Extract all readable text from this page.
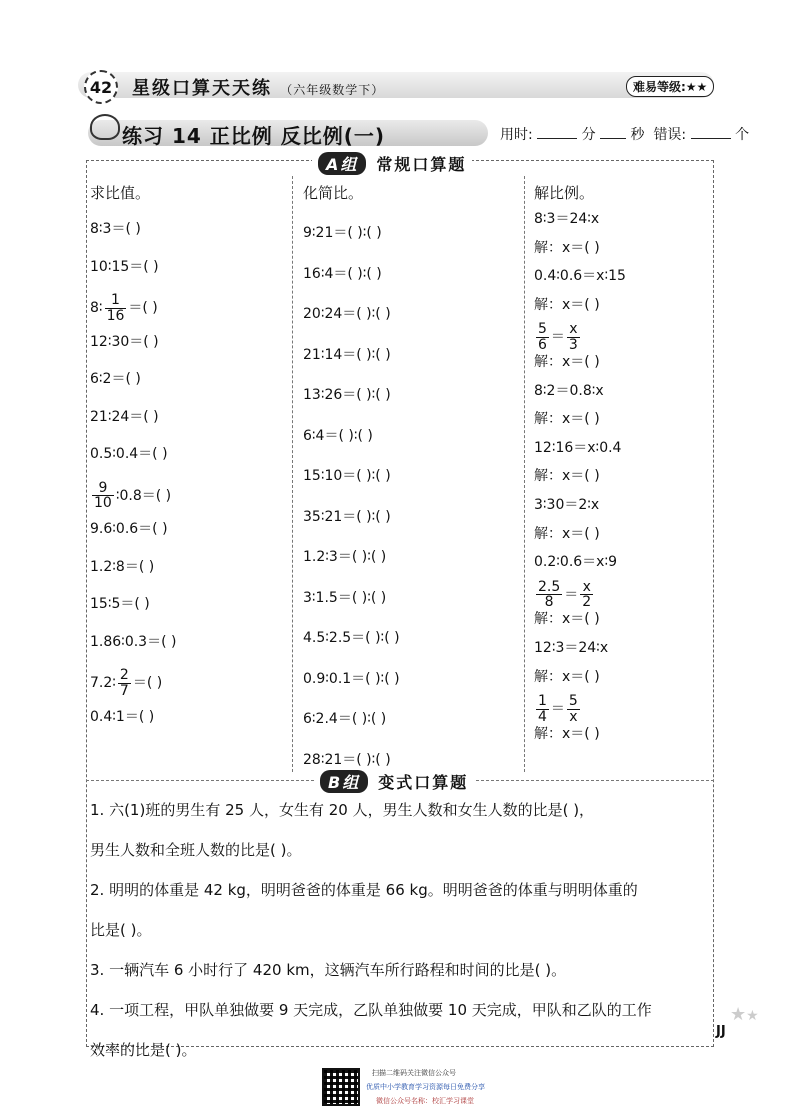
42	星级口算天天练 （六年级数学下）	难易等级:★★
练习 14 正比例 反比例(一)	用时:	分 秒 错误:	个
A组 常规口算题
求比值。	化简比。	解比例。
8∶3＝( )
10∶15＝( )
8∶ $\frac{1}{16}$ ＝( )
12∶30＝( )
6∶2＝( )
21∶24＝( )
0.5∶0.4＝( )
$\frac{9}{10}$ ∶0.8＝( )
9.6∶0.6＝( )
1.2∶8＝( )
15∶5＝( )
1.86∶0.3＝( )
7.2∶ $\frac{2}{7}$ ＝( )
0.4∶1＝( )
9∶21＝( )∶( )
16∶4＝( )∶( )
20∶24＝( )∶( )
21∶14＝( )∶( )
13∶26＝( )∶( )
6∶4＝( )∶( )
15∶10＝( )∶( )
35∶21＝( )∶( )
1.2∶3＝( )∶( )
3∶1.5＝( )∶( )
4.5∶2.5＝( )∶( )
0.9∶0.1＝( )∶( )
6∶2.4＝( )∶( )
28∶21＝( )∶( )
8∶3＝24∶x
解：x＝( )
0.4∶0.6＝x∶15
解：x＝( )
$\frac{5}{6} = \frac{x}{3}$
解：x＝( )
8∶2＝0.8∶x
解：x＝( )
12∶16＝x∶0.4
解：x＝( )
3∶30＝2∶x
解：x＝( )
0.2∶0.6＝x∶9
$\frac{2.5}{8} = \frac{x}{2}$
解：x＝( )
12∶3＝24∶x
解：x＝( )
$\frac{1}{4} = \frac{5}{x}$
解：x＝( )
B组 变式口算题
1. 六(1)班的男生有 25 人，女生有 20 人，男生人数和女生人数的比是( )，
男生人数和全班人数的比是( )。
2. 明明的体重是 42 kg，明明爸爸的体重是 66 kg。明明爸爸的体重与明明体重的
比是( )。
3. 一辆汽车 6 小时行了 420 km，这辆汽车所行路程和时间的比是( )。
4. 一项工程，甲队单独做要 9 天完成，乙队单独做要 10 天完成，甲队和乙队的工作
效率的比是( )。
★★
JJ
扫描二维码关注微信公众号
优质中小学教育学习资源每日免费分享
微信公众号名称：校汇学习课堂
